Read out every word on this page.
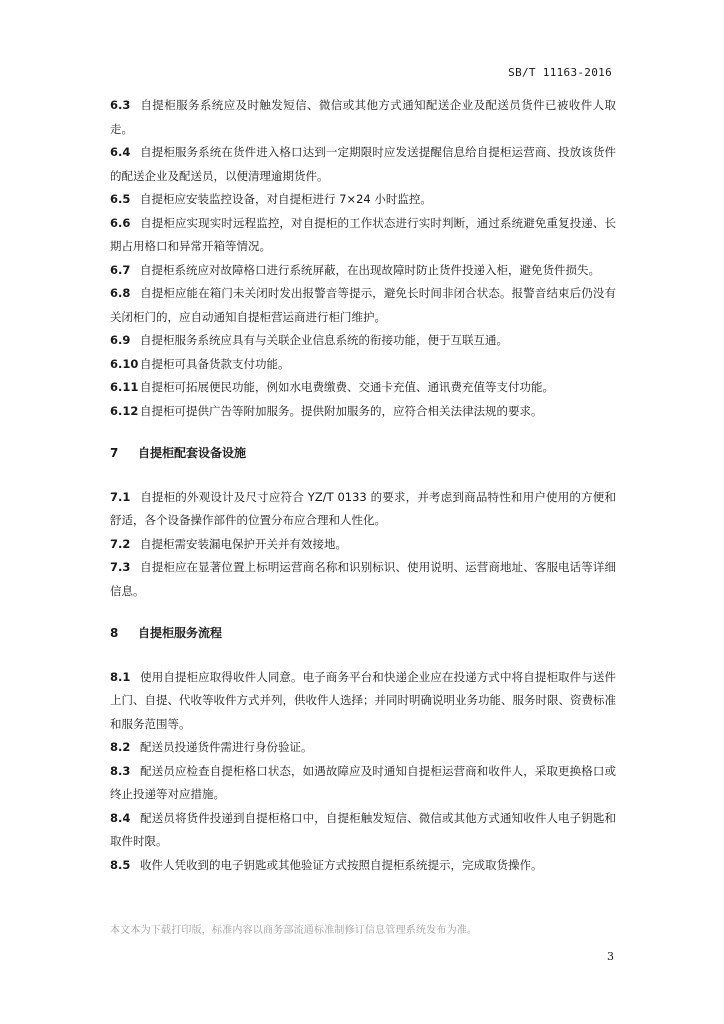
SB/T 11163-2016

6.3 自提柜服务系统应及时触发短信、微信或其他方式通知配送企业及配送员货件已被收件人取走。

6.4 自提柜服务系统在货件进入格口达到一定期限时应发送提醒信息给自提柜运营商、投放该货件的配送企业及配送员，以便清理逾期货件。

6.5 自提柜应安装监控设备，对自提柜进行 7×24 小时监控。

6.6 自提柜应实现实时远程监控，对自提柜的工作状态进行实时判断，通过系统避免重复投递、长期占用格口和异常开箱等情况。

6.7 自提柜系统应对故障格口进行系统屏蔽，在出现故障时防止货件投递入柜，避免货件损失。

6.8 自提柜应能在箱门未关闭时发出报警音等提示，避免长时间非闭合状态。报警音结束后仍没有关闭柜门的，应自动通知自提柜营运商进行柜门维护。

6.9 自提柜服务系统应具有与关联企业信息系统的衔接功能，便于互联互通。

6.10 自提柜可具备货款支付功能。

6.11 自提柜可拓展便民功能，例如水电费缴费、交通卡充值、通讯费充值等支付功能。

6.12 自提柜可提供广告等附加服务。提供附加服务的，应符合相关法律法规的要求。

7 自提柜配套设备设施

7.1 自提柜的外观设计及尺寸应符合 YZ/T 0133 的要求，并考虑到商品特性和用户使用的方便和舒适，各个设备操作部件的位置分布应合理和人性化。

7.2 自提柜需安装漏电保护开关并有效接地。

7.3 自提柜应在显著位置上标明运营商名称和识别标识、使用说明、运营商地址、客服电话等详细信息。

8 自提柜服务流程

8.1 使用自提柜应取得收件人同意。电子商务平台和快递企业应在投递方式中将自提柜取件与送件上门、自提、代收等收件方式并列，供收件人选择；并同时明确说明业务功能、服务时限、资费标准和服务范围等。

8.2 配送员投递货件需进行身份验证。

8.3 配送员应检查自提柜格口状态，如遇故障应及时通知自提柜运营商和收件人，采取更换格口或终止投递等对应措施。

8.4 配送员将货件投递到自提柜格口中，自提柜触发短信、微信或其他方式通知收件人电子钥匙和取件时限。

8.5 收件人凭收到的电子钥匙或其他验证方式按照自提柜系统提示，完成取货操作。

本文本为下载打印版，标准内容以商务部流通标准制修订信息管理系统发布为准。
3
